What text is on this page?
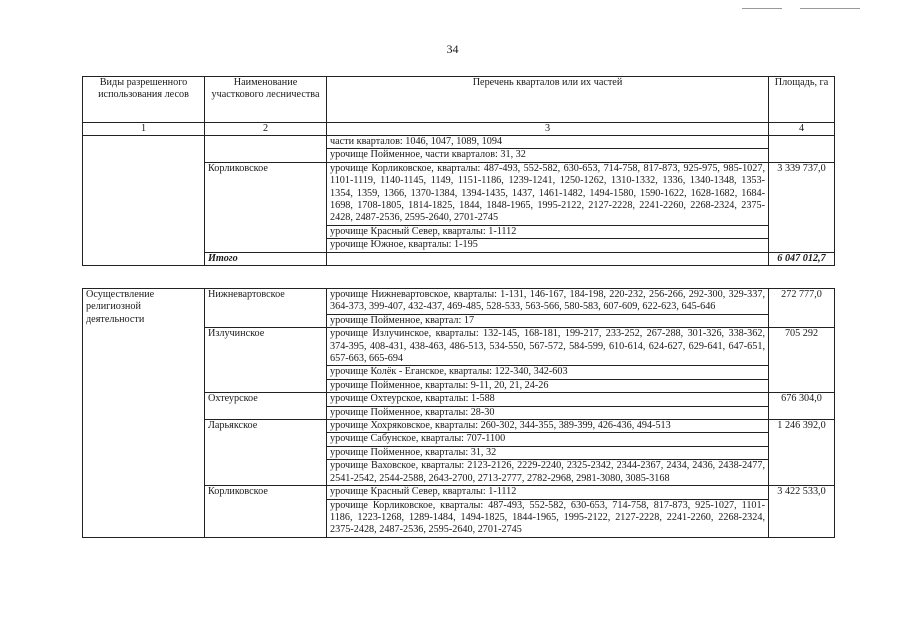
34
Виды разрешенного использования лесов	Наименование участкового лесничества	Перечень кварталов или их частей	Площадь, га
1	2	3	4
		части кварталов: 1046, 1047, 1089, 1094	
		урочище Пойменное, части кварталов: 31, 32	
	Корликовское	урочище Корликовское, кварталы: 487-493, 552-582, 630-653, 714-758, 817-873, 925-975, 985-1027, 1101-1119, 1140-1145, 1149, 1151-1186, 1239-1241, 1250-1262, 1310-1332, 1336, 1340-1348, 1353-1354, 1359, 1366, 1370-1384, 1394-1435, 1437, 1461-1482, 1494-1580, 1590-1622, 1628-1682, 1684-1698, 1708-1805, 1814-1825, 1844, 1848-1965, 1995-2122, 2127-2228, 2241-2260, 2268-2324, 2375-2428, 2487-2536, 2595-2640, 2701-2745	3 339 737,0
		урочище Красный Север, кварталы: 1-1112	
		урочище Южное, кварталы: 1-195	
	Итого		6 047 012,7
Осуществление религиозной деятельности	Нижневартовское	урочище Нижневартовское, кварталы: 1-131, 146-167, 184-198, 220-232, 256-266, 292-300, 329-337, 364-373, 399-407, 432-437, 469-485, 528-533, 563-566, 580-583, 607-609, 622-623, 645-646	272 777,0
		урочище Пойменное, квартал: 17	
	Излучинское	урочище Излучинское, кварталы: 132-145, 168-181, 199-217, 233-252, 267-288, 301-326, 338-362, 374-395, 408-431, 438-463, 486-513, 534-550, 567-572, 584-599, 610-614, 624-627, 629-641, 647-651, 657-663, 665-694	705 292
		урочище Колёк - Еганское, кварталы: 122-340, 342-603	
		урочище Пойменное, кварталы: 9-11, 20, 21, 24-26	
	Охтеурское	урочище Охтеурское, кварталы: 1-588	676 304,0
		урочище Пойменное, кварталы: 28-30	
	Ларьякское	урочище Хохряковское, кварталы: 260-302, 344-355, 389-399, 426-436, 494-513	1 246 392,0
		урочище Сабунское, кварталы: 707-1100	
		урочище Пойменное, кварталы: 31, 32	
		урочище Ваховское, кварталы: 2123-2126, 2229-2240, 2325-2342, 2344-2367, 2434, 2436, 2438-2477, 2541-2542, 2544-2588, 2643-2700, 2713-2777, 2782-2968, 2981-3080, 3085-3168	
	Корликовское	урочище Красный Север, кварталы: 1-1112	3 422 533,0
		урочище Корликовское, кварталы: 487-493, 552-582, 630-653, 714-758, 817-873, 925-1027, 1101-1186, 1223-1268, 1289-1484, 1494-1825, 1844-1965, 1995-2122, 2127-2228, 2241-2260, 2268-2324, 2375-2428, 2487-2536, 2595-2640, 2701-2745	
